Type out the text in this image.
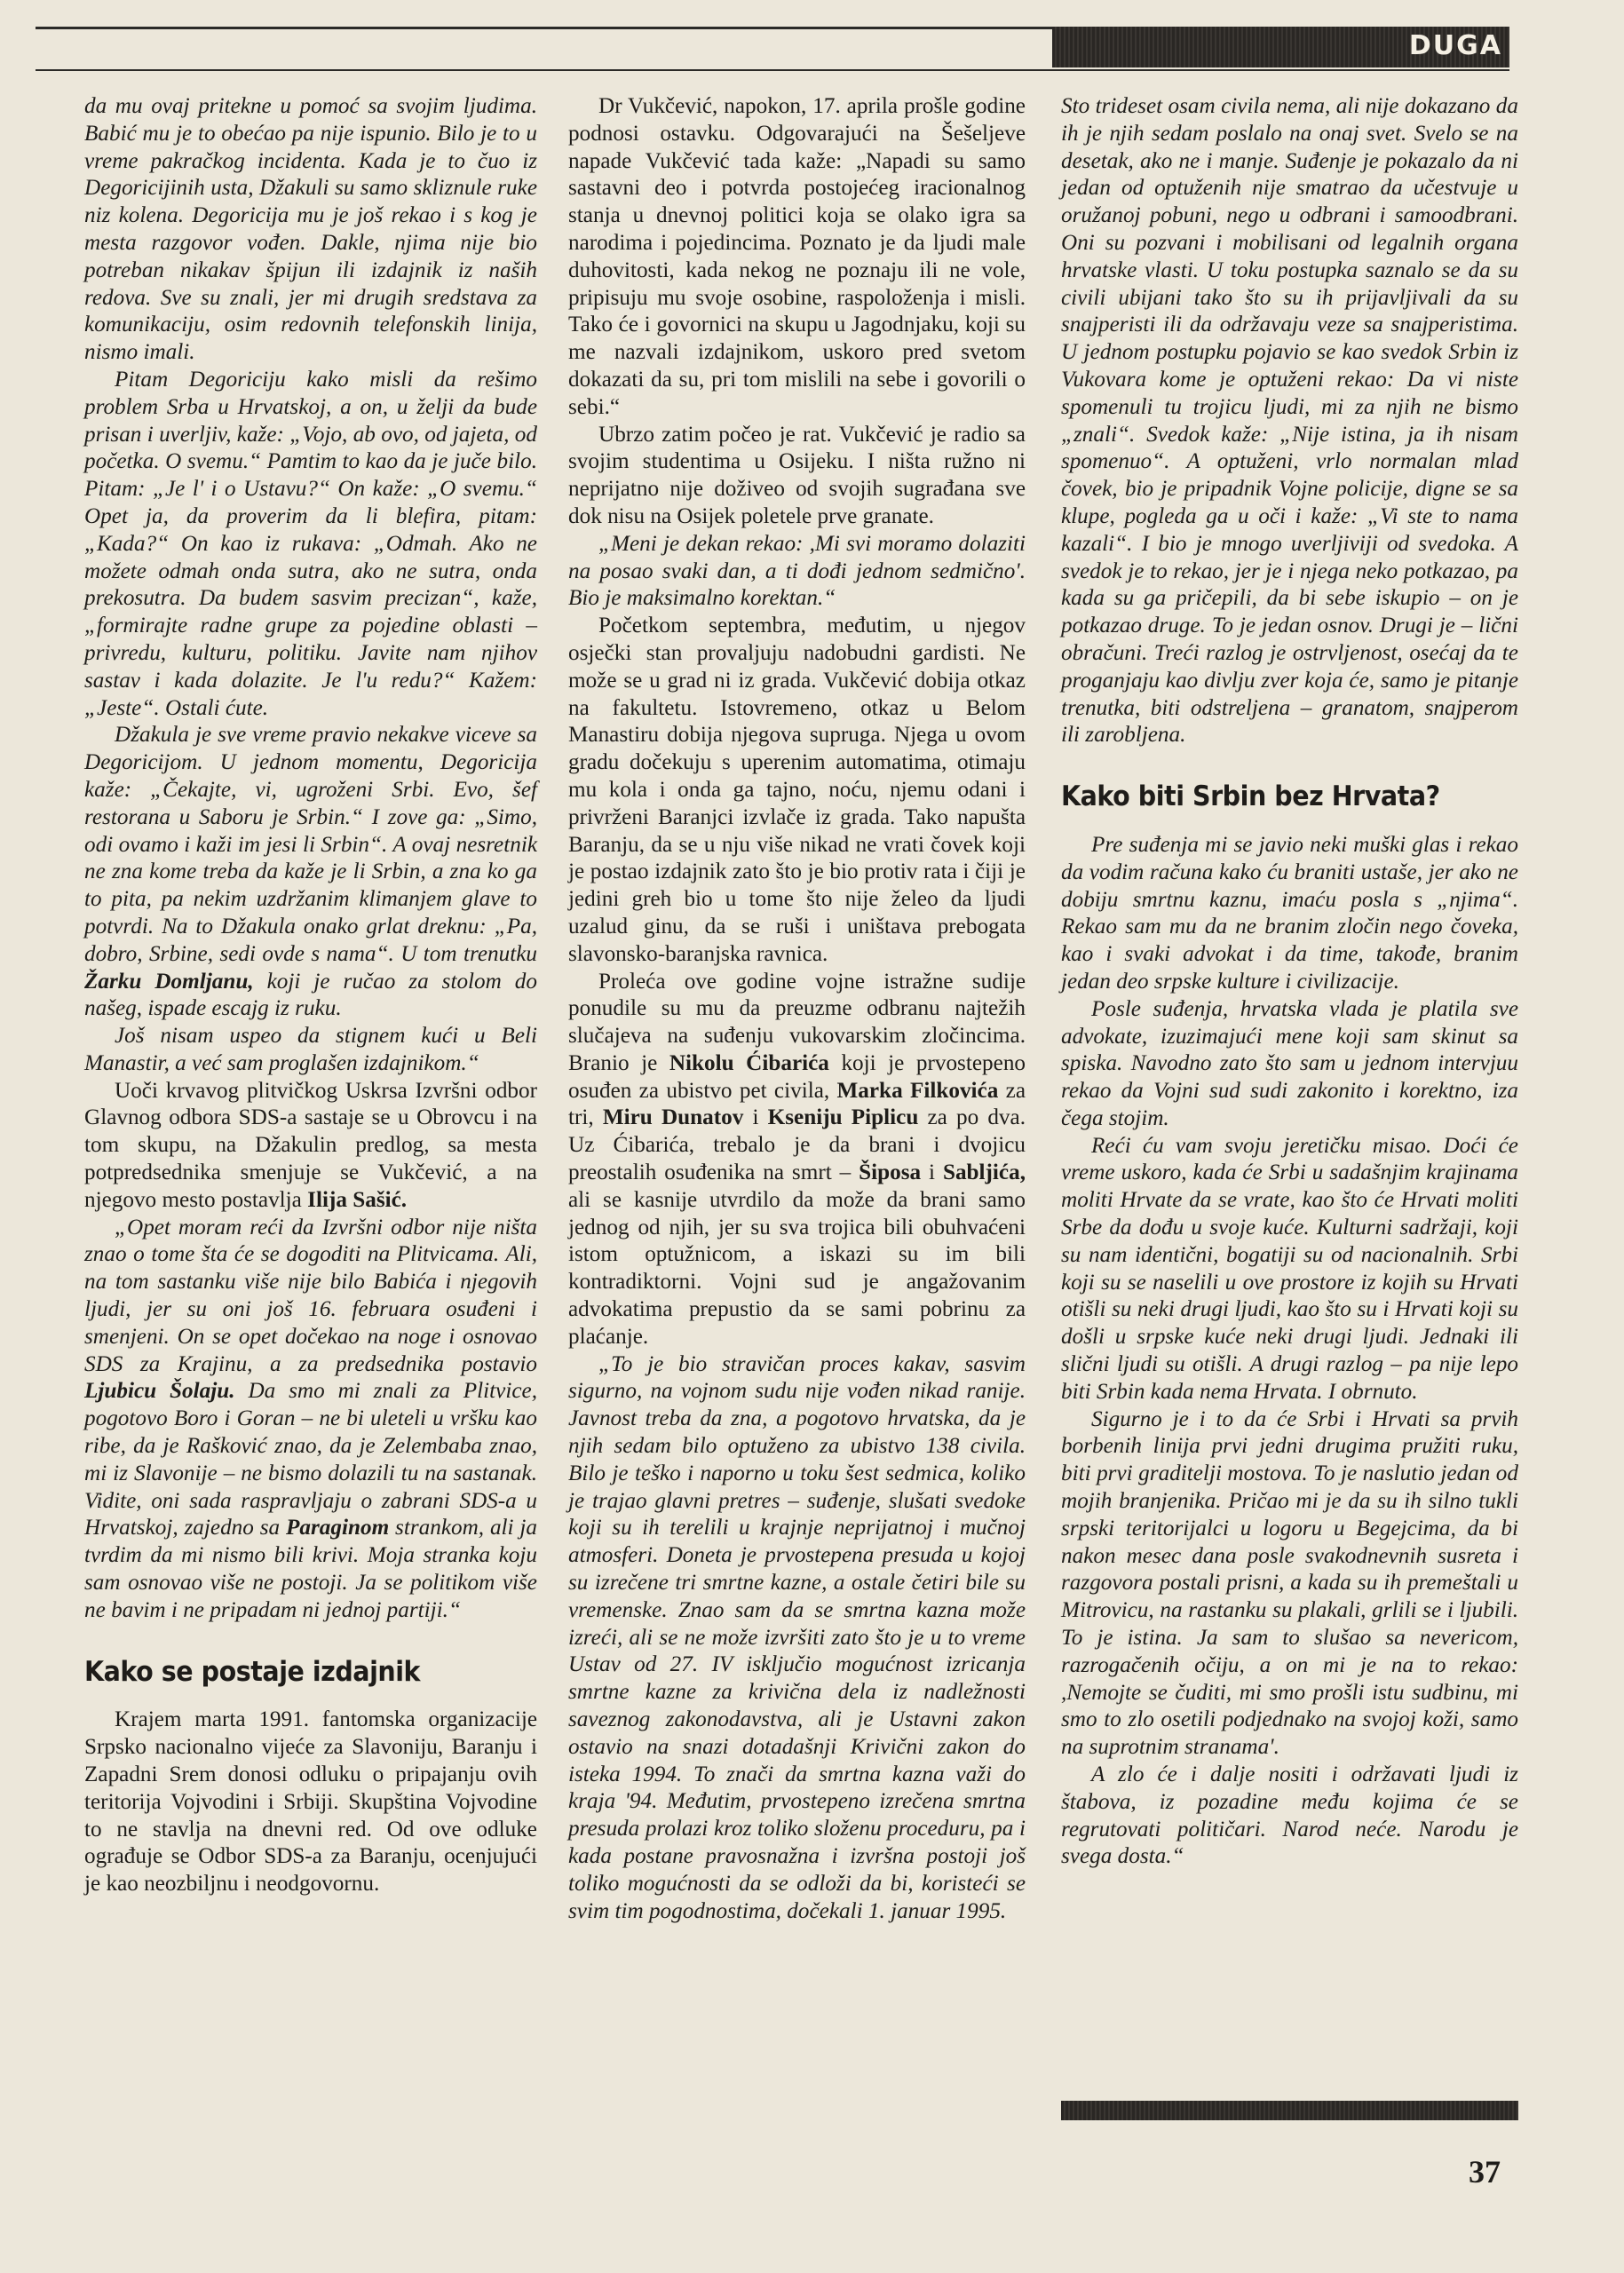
DUGA

da mu ovaj pritekne u pomoć sa svojim ljudima. Babić mu je to obećao pa nije ispunio. Bilo je to u vreme pakračkog incidenta. Kada je to čuo iz Degoricijinih usta, Džakuli su samo skliznule ruke niz kolena. Degoricija mu je još rekao i s kog je mesta razgovor vođen. Dakle, njima nije bio potreban nikakav špijun ili izdajnik iz naših redova. Sve su znali, jer mi drugih sredstava za komunikaciju, osim redovnih telefonskih linija, nismo imali.

Pitam Degoriciju kako misli da rešimo problem Srba u Hrvatskoj, a on, u želji da bude prisan i uverljiv, kaže: „Vojo, ab ovo, od jajeta, od početka. O svemu.“ Pamtim to kao da je juče bilo. Pitam: „Je l' i o Ustavu?“ On kaže: „O svemu.“ Opet ja, da proverim da li blefira, pitam: „Kada?“ On kao iz rukava: „Odmah. Ako ne možete odmah onda sutra, ako ne sutra, onda prekosutra. Da budem sasvim precizan“, kaže, „formirajte radne grupe za pojedine oblasti – privredu, kulturu, politiku. Javite nam njihov sastav i kada dolazite. Je l'u redu?“ Kažem: „Jeste“. Ostali ćute.

Džakula je sve vreme pravio nekakve viceve sa Degoricijom. U jednom momentu, Degoricija kaže: „Čekajte, vi, ugroženi Srbi. Evo, šef restorana u Saboru je Srbin.“ I zove ga: „Simo, odi ovamo i kaži im jesi li Srbin“. A ovaj nesretnik ne zna kome treba da kaže je li Srbin, a zna ko ga to pita, pa nekim uzdržanim klimanjem glave to potvrdi. Na to Džakula onako grlat dreknu: „Pa, dobro, Srbine, sedi ovde s nama“. U tom trenutku Žarku Domljanu, koji je ručao za stolom do našeg, ispade escajg iz ruku.

Još nisam uspeo da stignem kući u Beli Manastir, a već sam proglašen izdajnikom.“

Uoči krvavog plitvičkog Uskrsa Izvršni odbor Glavnog odbora SDS-a sastaje se u Obrovcu i na tom skupu, na Džakulin predlog, sa mesta potpredsednika smenjuje se Vukčević, a na njegovo mesto postavlja Ilija Sašić.

„Opet moram reći da Izvršni odbor nije ništa znao o tome šta će se dogoditi na Plitvicama. Ali, na tom sastanku više nije bilo Babića i njegovih ljudi, jer su oni još 16. februara osuđeni i smenjeni. On se opet dočekao na noge i osnovao SDS za Krajinu, a za predsednika postavio Ljubicu Šolaju. Da smo mi znali za Plitvice, pogotovo Boro i Goran – ne bi uleteli u vršku kao ribe, da je Rašković znao, da je Zelembaba znao, mi iz Slavonije – ne bismo dolazili tu na sastanak. Vidite, oni sada raspravljaju o zabrani SDS-a u Hrvatskoj, zajedno sa Paraginom strankom, ali ja tvrdim da mi nismo bili krivi. Moja stranka koju sam osnovao više ne postoji. Ja se politikom više ne bavim i ne pripadam ni jednoj partiji.“

Kako se postaje izdajnik

Krajem marta 1991. fantomska organizacije Srpsko nacionalno vijeće za Slavoniju, Baranju i Zapadni Srem donosi odluku o pripajanju ovih teritorija Vojvodini i Srbiji. Skupština Vojvodine to ne stavlja na dnevni red. Od ove odluke ograđuje se Odbor SDS-a za Baranju, ocenjujući je kao neozbiljnu i neodgovornu.

Dr Vukčević, napokon, 17. aprila prošle godine podnosi ostavku. Odgovarajući na Šešeljeve napade Vukčević tada kaže: „Napadi su samo sastavni deo i potvrda postojećeg iracionalnog stanja u dnevnoj politici koja se olako igra sa narodima i pojedincima. Poznato je da ljudi male duhovitosti, kada nekog ne poznaju ili ne vole, pripisuju mu svoje osobine, raspoloženja i misli. Tako će i govornici na skupu u Jagodnjaku, koji su me nazvali izdajnikom, uskoro pred svetom dokazati da su, pri tom mislili na sebe i govorili o sebi.“

Ubrzo zatim počeo je rat. Vukčević je radio sa svojim studentima u Osijeku. I ništa ružno ni neprijatno nije doživeo od svojih sugrađana sve dok nisu na Osijek poletele prve granate.

„Meni je dekan rekao: ,Mi svi moramo dolaziti na posao svaki dan, a ti dođi jednom sedmično'. Bio je maksimalno korektan.“

Početkom septembra, međutim, u njegov osječki stan provaljuju nadobudni gardisti. Ne može se u grad ni iz grada. Vukčević dobija otkaz na fakultetu. Istovremeno, otkaz u Belom Manastiru dobija njegova supruga. Njega u ovom gradu dočekuju s uperenim automatima, otimaju mu kola i onda ga tajno, noću, njemu odani i privrženi Baranjci izvlače iz grada. Tako napušta Baranju, da se u nju više nikad ne vrati čovek koji je postao izdajnik zato što je bio protiv rata i čiji je jedini greh bio u tome što nije želeo da ljudi uzalud ginu, da se ruši i uništava prebogata slavonsko-baranjska ravnica.

Proleća ove godine vojne istražne sudije ponudile su mu da preuzme odbranu najtežih slučajeva na suđenju vukovarskim zločincima. Branio je Nikolu Ćibarića koji je prvostepeno osuđen za ubistvo pet civila, Marka Filkovića za tri, Miru Dunatov i Kseniju Piplicu za po dva. Uz Ćibarića, trebalo je da brani i dvojicu preostalih osuđenika na smrt – Šiposa i Sabljića, ali se kasnije utvrdilo da može da brani samo jednog od njih, jer su sva trojica bili obuhvaćeni istom optužnicom, a iskazi su im bili kontradiktorni. Vojni sud je angažovanim advokatima prepustio da se sami pobrinu za plaćanje.

„To je bio stravičan proces kakav, sasvim sigurno, na vojnom sudu nije vođen nikad ranije. Javnost treba da zna, a pogotovo hrvatska, da je njih sedam bilo optuženo za ubistvo 138 civila. Bilo je teško i naporno u toku šest sedmica, koliko je trajao glavni pretres – suđenje, slušati svedoke koji su ih terelili u krajnje neprijatnoj i mučnoj atmosferi. Doneta je prvostepena presuda u kojoj su izrečene tri smrtne kazne, a ostale četiri bile su vremenske. Znao sam da se smrtna kazna može izreći, ali se ne može izvršiti zato što je u to vreme Ustav od 27. IV isključio mogućnost izricanja smrtne kazne za krivična dela iz nadležnosti saveznog zakonodavstva, ali je Ustavni zakon ostavio na snazi dotadašnji Krivični zakon do isteka 1994. To znači da smrtna kazna važi do kraja '94. Međutim, prvostepeno izrečena smrtna presuda prolazi kroz toliko složenu proceduru, pa i kada postane pravosnažna i izvršna postoji još toliko mogućnosti da se odloži da bi, koristeći se svim tim pogodnostima, dočekali 1. januar 1995.

Sto trideset osam civila nema, ali nije dokazano da ih je njih sedam poslalo na onaj svet. Svelo se na desetak, ako ne i manje. Suđenje je pokazalo da ni jedan od optuženih nije smatrao da učestvuje u oružanoj pobuni, nego u odbrani i samoodbrani. Oni su pozvani i mobilisani od legalnih organa hrvatske vlasti. U toku postupka saznalo se da su civili ubijani tako što su ih prijavljivali da su snajperisti ili da održavaju veze sa snajperistima. U jednom postupku pojavio se kao svedok Srbin iz Vukovara kome je optuženi rekao: Da vi niste spomenuli tu trojicu ljudi, mi za njih ne bismo „znali“. Svedok kaže: „Nije istina, ja ih nisam spomenuo“. A optuženi, vrlo normalan mlad čovek, bio je pripadnik Vojne policije, digne se sa klupe, pogleda ga u oči i kaže: „Vi ste to nama kazali“. I bio je mnogo uverljiviji od svedoka. A svedok je to rekao, jer je i njega neko potkazao, pa kada su ga pričepili, da bi sebe iskupio – on je potkazao druge. To je jedan osnov. Drugi je – lični obračuni. Treći razlog je ostrvljenost, osećaj da te proganjaju kao divlju zver koja će, samo je pitanje trenutka, biti odstreljena – granatom, snajperom ili zarobljena.

Kako biti Srbin bez Hrvata?

Pre suđenja mi se javio neki muški glas i rekao da vodim računa kako ću braniti ustaše, jer ako ne dobiju smrtnu kaznu, imaću posla s „njima“. Rekao sam mu da ne branim zločin nego čoveka, kao i svaki advokat i da time, takođe, branim jedan deo srpske kulture i civilizacije.

Posle suđenja, hrvatska vlada je platila sve advokate, izuzimajući mene koji sam skinut sa spiska. Navodno zato što sam u jednom intervjuu rekao da Vojni sud sudi zakonito i korektno, iza čega stojim.

Reći ću vam svoju jeretičku misao. Doći će vreme uskoro, kada će Srbi u sadašnjim krajinama moliti Hrvate da se vrate, kao što će Hrvati moliti Srbe da dođu u svoje kuće. Kulturni sadržaji, koji su nam identični, bogatiji su od nacionalnih. Srbi koji su se naselili u ove prostore iz kojih su Hrvati otišli su neki drugi ljudi, kao što su i Hrvati koji su došli u srpske kuće neki drugi ljudi. Jednaki ili slični ljudi su otišli. A drugi razlog – pa nije lepo biti Srbin kada nema Hrvata. I obrnuto.

Sigurno je i to da će Srbi i Hrvati sa prvih borbenih linija prvi jedni drugima pružiti ruku, biti prvi graditelji mostova. To je naslutio jedan od mojih branjenika. Pričao mi je da su ih silno tukli srpski teritorijalci u logoru u Begejcima, da bi nakon mesec dana posle svakodnevnih susreta i razgovora postali prisni, a kada su ih premeštali u Mitrovicu, na rastanku su plakali, grlili se i ljubili. To je istina. Ja sam to slušao sa nevericom, razrogačenih očiju, a on mi je na to rekao: ,Nemojte se čuditi, mi smo prošli istu sudbinu, mi smo to zlo osetili podjednako na svojoj koži, samo na suprotnim stranama'.

A zlo će i dalje nositi i održavati ljudi iz štabova, iz pozadine među kojima će se regrutovati političari. Narod neće. Narodu je svega dosta.“

37
